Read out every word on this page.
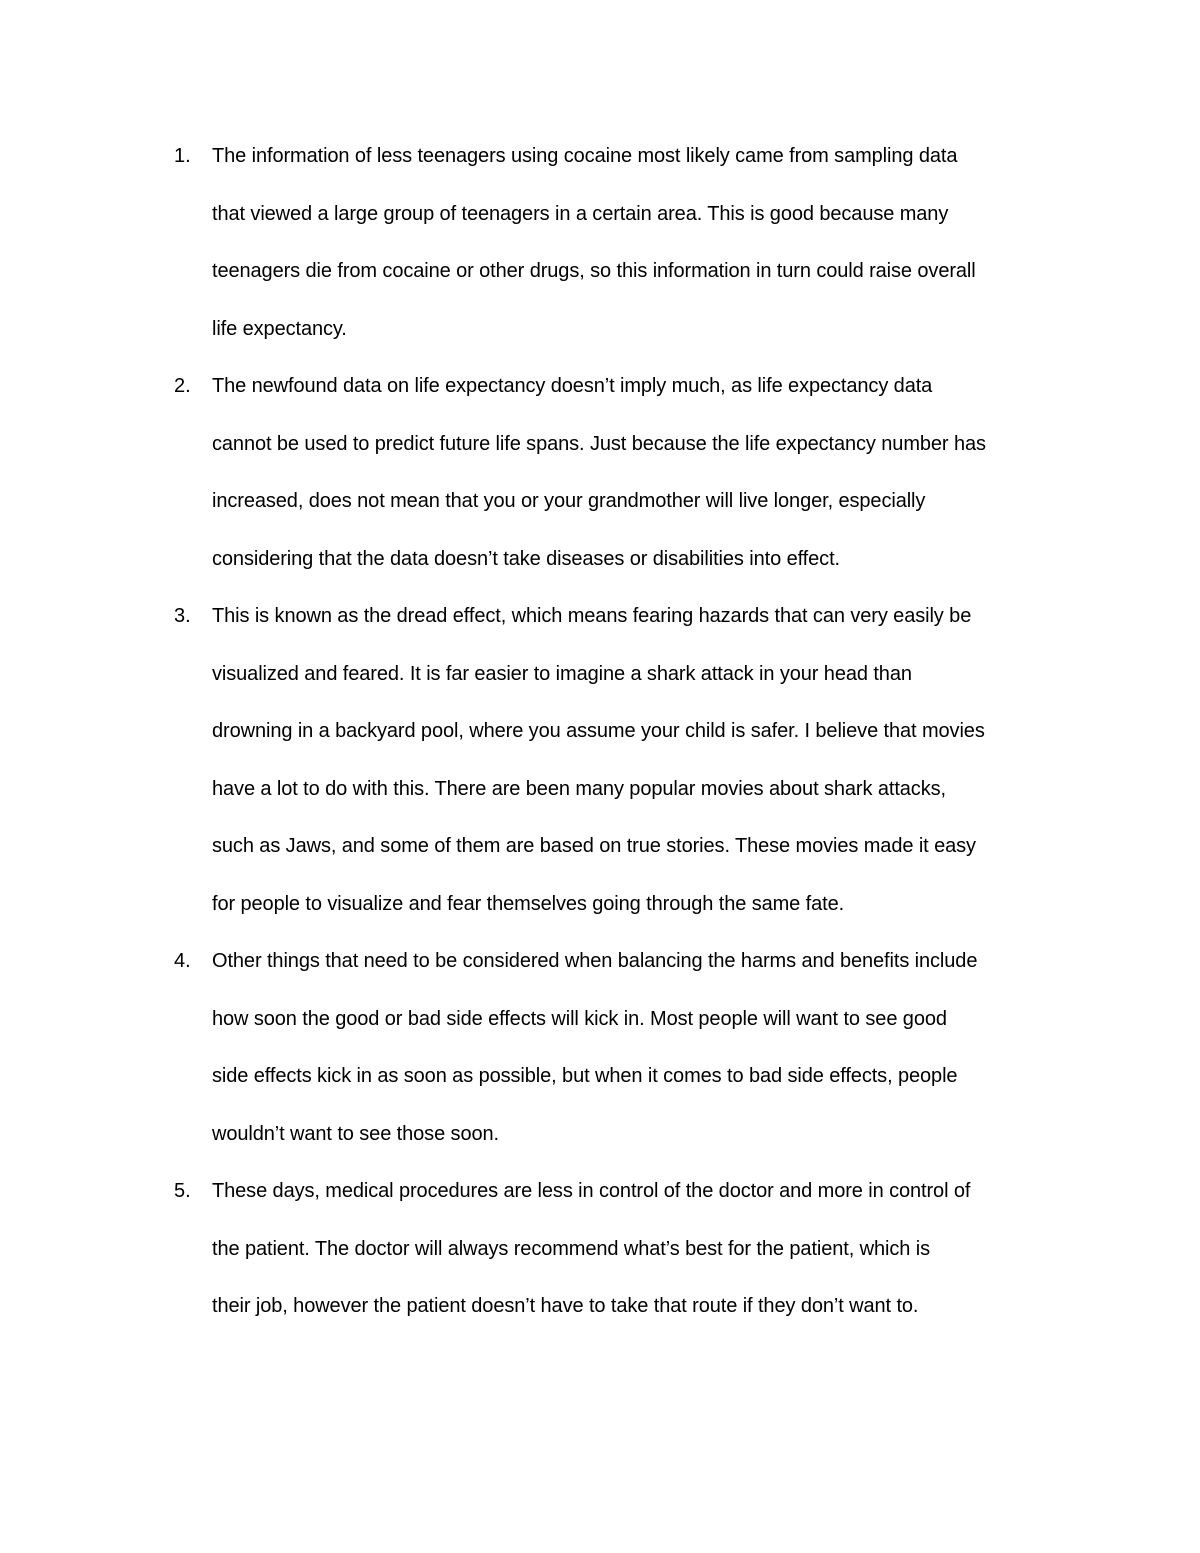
1. The information of less teenagers using cocaine most likely came from sampling data
that viewed a large group of teenagers in a certain area. This is good because many
teenagers die from cocaine or other drugs, so this information in turn could raise overall
life expectancy.
2. The newfound data on life expectancy doesn’t imply much, as life expectancy data
cannot be used to predict future life spans. Just because the life expectancy number has
increased, does not mean that you or your grandmother will live longer, especially
considering that the data doesn’t take diseases or disabilities into effect.
3. This is known as the dread effect, which means fearing hazards that can very easily be
visualized and feared. It is far easier to imagine a shark attack in your head than
drowning in a backyard pool, where you assume your child is safer. I believe that movies
have a lot to do with this. There are been many popular movies about shark attacks,
such as Jaws, and some of them are based on true stories. These movies made it easy
for people to visualize and fear themselves going through the same fate.
4. Other things that need to be considered when balancing the harms and benefits include
how soon the good or bad side effects will kick in. Most people will want to see good
side effects kick in as soon as possible, but when it comes to bad side effects, people
wouldn’t want to see those soon.
5. These days, medical procedures are less in control of the doctor and more in control of
the patient. The doctor will always recommend what’s best for the patient, which is
their job, however the patient doesn’t have to take that route if they don’t want to.
